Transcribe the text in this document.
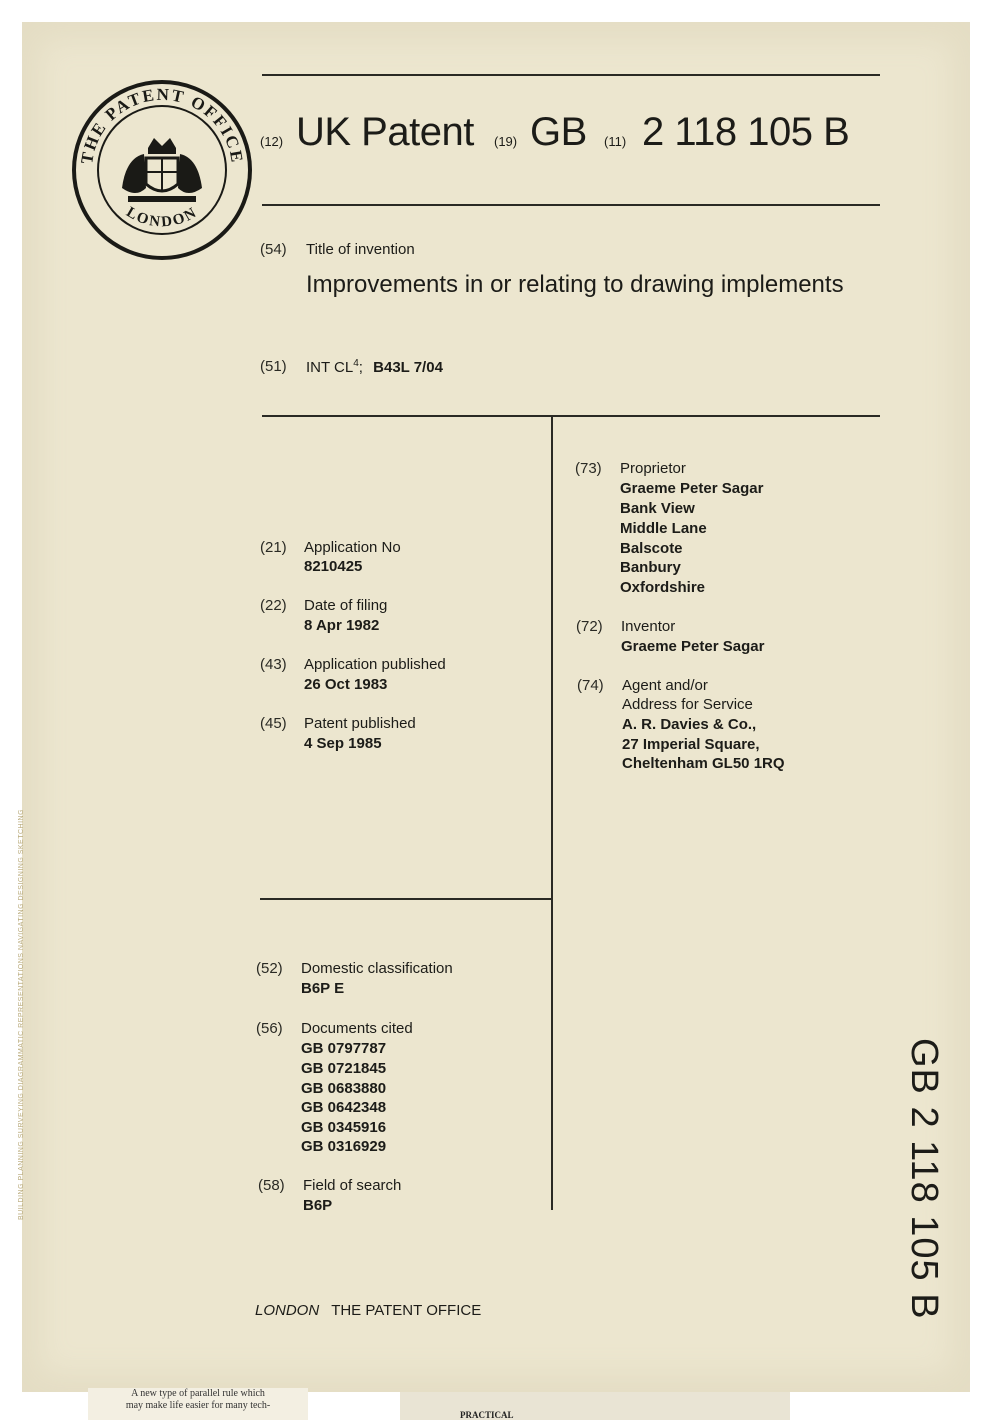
THE PATENT OFFICE
LONDON
(12) UK Patent (19) GB (11) 2 118 105 B
(54) Title of invention
Improvements in or relating to drawing implements
(51) INT $CL^4$; B43L 7/04
(21) Application No
8210425
(22) Date of filing
8 Apr 1982
(43) Application published
26 Oct 1983
(45) Patent published
4 Sep 1985
(52) Domestic classification
B6P E
(56) Documents cited
GB 0797787
GB 0721845
GB 0683880
GB 0642348
GB 0345916
GB 0316929
(58) Field of search
B6P
(73) Proprietor
Graeme Peter Sagar
Bank View
Middle Lane
Balscote
Banbury
Oxfordshire
(72) Inventor
Graeme Peter Sagar
(74) Agent and/or
Address for Service
A. R. Davies & Co.,
27 Imperial Square,
Cheltenham GL50 1RQ
LONDON THE PATENT OFFICE	GB 2 118 105 B
BUILDING PLANNING SURVEYING DIAGRAMMATIC REPRESENTATIONS NAVIGATING DESIGNING SKETCHING
A new type of parallel rule which
may make life easier for many tech-
PRACTICAL
